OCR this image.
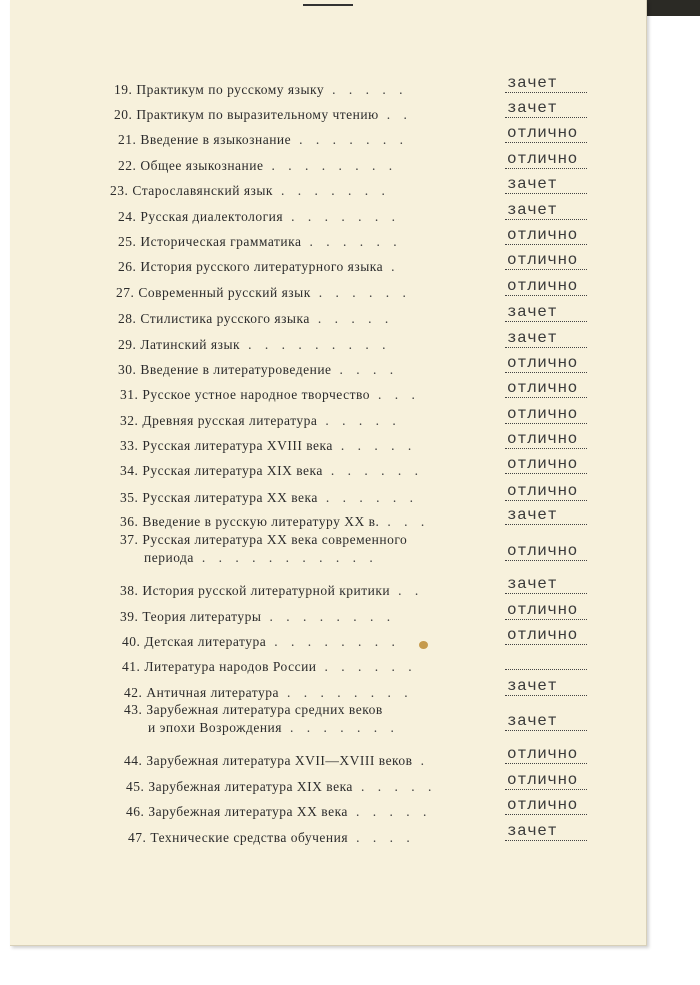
19. Практикум по русскому языку . . . . .	зачет
20. Практикум по выразительному чтению . .	зачет
21. Введение в языкознание . . . . . . .	отлично
22. Общее языкознание . . . . . . . .	отлично
23. Старославянский язык . . . . . . .	зачет
24. Русская диалектология . . . . . . .	зачет
25. Историческая грамматика . . . . . .	отлично
26. История русского литературного языка .	отлично
27. Современный русский язык . . . . . .	отлично
28. Стилистика русского языка . . . . .	зачет
29. Латинский язык . . . . . . . . .	зачет
30. Введение в литературоведение . . . .	отлично
31. Русское устное народное творчество . . .	отлично
32. Древняя русская литература . . . . .	отлично
33. Русская литература XVIII века . . . . .	отлично
34. Русская литература XIX века . . . . . .	отлично
35. Русская литература XX века . . . . . .	отлично
36. Введение в русскую литературу XX в. . . .	зачет
37. Русская литература XX века современного
периода . . . . . . . . . . .	отлично
38. История русской литературной критики . .	зачет
39. Теория литературы . . . . . . . .	отлично
40. Детская литература . . . . . . . .	отлично
41. Литература народов России . . . . . .
42. Античная литература . . . . . . . .	зачет
43. Зарубежная литература средних веков
и эпохи Возрождения . . . . . . .	зачет
44. Зарубежная литература XVII—XVIII веков .	отлично
45. Зарубежная литература XIX века . . . . .	отлично
46. Зарубежная литература XX века . . . . .	отлично
47. Технические средства обучения . . . .	зачет
